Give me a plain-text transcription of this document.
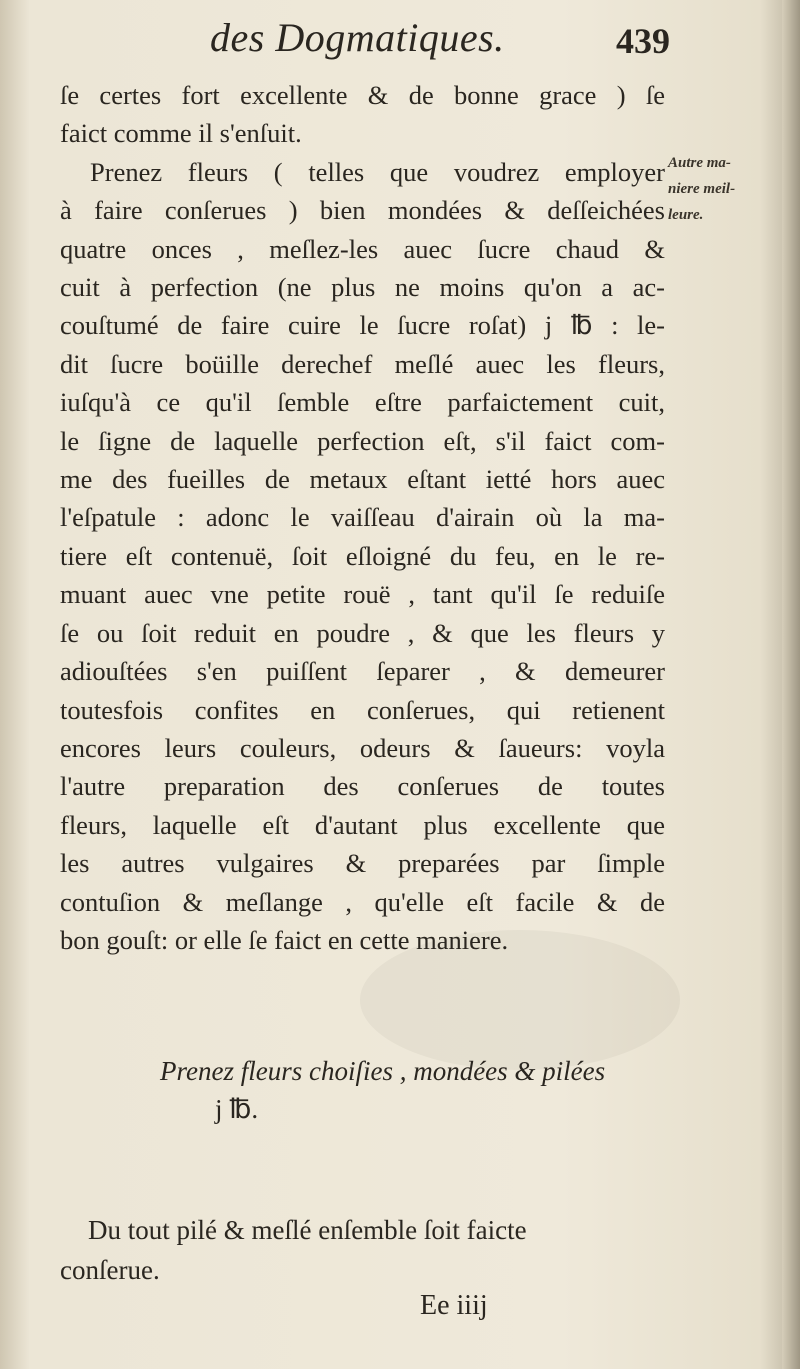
des Dogmatiques.	439
ſe certes fort excellente & de bonne grace ) ſe
faict comme il s'enſuit.
Prenez fleurs ( telles que voudrez employer
à faire conſerues ) bien mondées & deſſeichées
quatre onces , meſlez-les auec ſucre chaud &
cuit à perfection (ne plus ne moins qu'on a ac-
couſtumé de faire cuire le ſucre roſat) j ℔ : le-
dit ſucre boüille derechef meſlé auec les fleurs,
iuſqu'à ce qu'il ſemble eſtre parfaictement cuit,
le ſigne de laquelle perfection eſt, s'il faict com-
me des fueilles de metaux eſtant ietté hors auec
l'eſpatule : adonc le vaiſſeau d'airain où la ma-
tiere eſt contenuë, ſoit eſloigné du feu, en le re-
muant auec vne petite rouë , tant qu'il ſe reduiſe
ſe ou ſoit reduit en poudre , & que les fleurs y
adiouſtées s'en puiſſent ſeparer , & demeurer
toutesfois confites en conſerues, qui retienent
encores leurs couleurs, odeurs & ſaueurs: voyla
l'autre preparation des conſerues de toutes
fleurs, laquelle eſt d'autant plus excellente que
les autres vulgaires & preparées par ſimple
contuſion & meſlange , qu'elle eſt facile & de
bon gouſt: or elle ſe faict en cette maniere.
Autre ma-
niere meil-
leure.
Prenez fleurs choiſies , mondées & pilées
j ℔.
Du tout pilé & meſlé enſemble ſoit faicte
conſerue.
Ee iiij
